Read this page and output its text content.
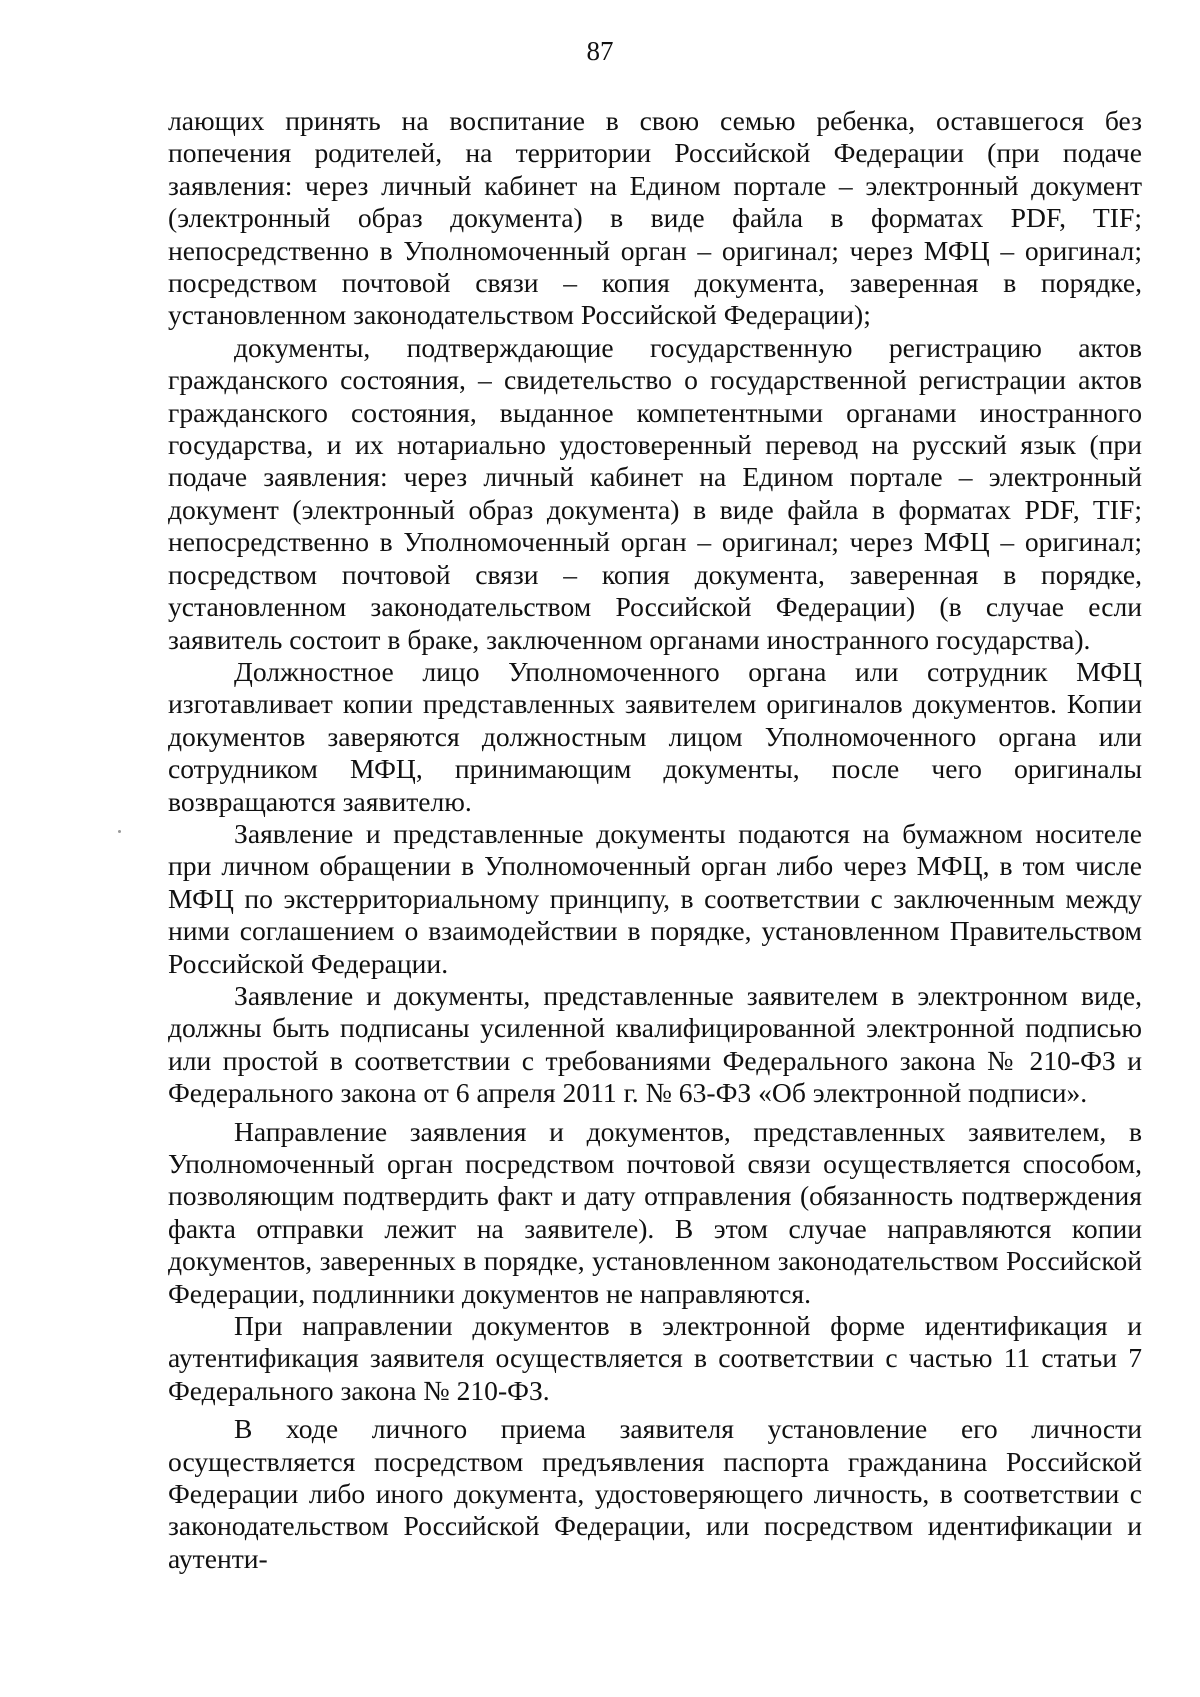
87

лающих принять на воспитание в свою семью ребенка, оставшегося без попечения родителей, на территории Российской Федерации (при подаче заявления: через личный кабинет на Едином портале – электронный документ (электронный образ документа) в виде файла в форматах PDF, TIF; непосредственно в Уполномоченный орган – оригинал; через МФЦ – оригинал; посредством почтовой связи – копия документа, заверенная в порядке, установленном законодательством Российской Федерации);

документы, подтверждающие государственную регистрацию актов гражданского состояния, – свидетельство о государственной регистрации актов гражданского состояния, выданное компетентными органами иностранного государства, и их нотариально удостоверенный перевод на русский язык (при подаче заявления: через личный кабинет на Едином портале – электронный документ (электронный образ документа) в виде файла в форматах PDF, TIF; непосредственно в Уполномоченный орган – оригинал; через МФЦ – оригинал; посредством почтовой связи – копия документа, заверенная в порядке, установленном законодательством Российской Федерации) (в случае если заявитель состоит в браке, заключенном органами иностранного государства).

Должностное лицо Уполномоченного органа или сотрудник МФЦ изготавливает копии представленных заявителем оригиналов документов. Копии документов заверяются должностным лицом Уполномоченного органа или сотрудником МФЦ, принимающим документы, после чего оригиналы возвращаются заявителю.

Заявление и представленные документы подаются на бумажном носителе при личном обращении в Уполномоченный орган либо через МФЦ, в том числе МФЦ по экстерриториальному принципу, в соответствии с заключенным между ними соглашением о взаимодействии в порядке, установленном Правительством Российской Федерации.

Заявление и документы, представленные заявителем в электронном виде, должны быть подписаны усиленной квалифицированной электронной подписью или простой в соответствии с требованиями Федерального закона № 210-ФЗ и Федерального закона от 6 апреля 2011 г. № 63-ФЗ «Об электронной подписи».

Направление заявления и документов, представленных заявителем, в Уполномоченный орган посредством почтовой связи осуществляется способом, позволяющим подтвердить факт и дату отправления (обязанность подтверждения факта отправки лежит на заявителе). В этом случае направляются копии документов, заверенных в порядке, установленном законодательством Российской Федерации, подлинники документов не направляются.

При направлении документов в электронной форме идентификация и аутентификация заявителя осуществляется в соответствии с частью 11 статьи 7 Федерального закона № 210-ФЗ.

В ходе личного приема заявителя установление его личности осуществляется посредством предъявления паспорта гражданина Российской Федерации либо иного документа, удостоверяющего личность, в соответствии с законодательством Российской Федерации, или посредством идентификации и аутенти-
